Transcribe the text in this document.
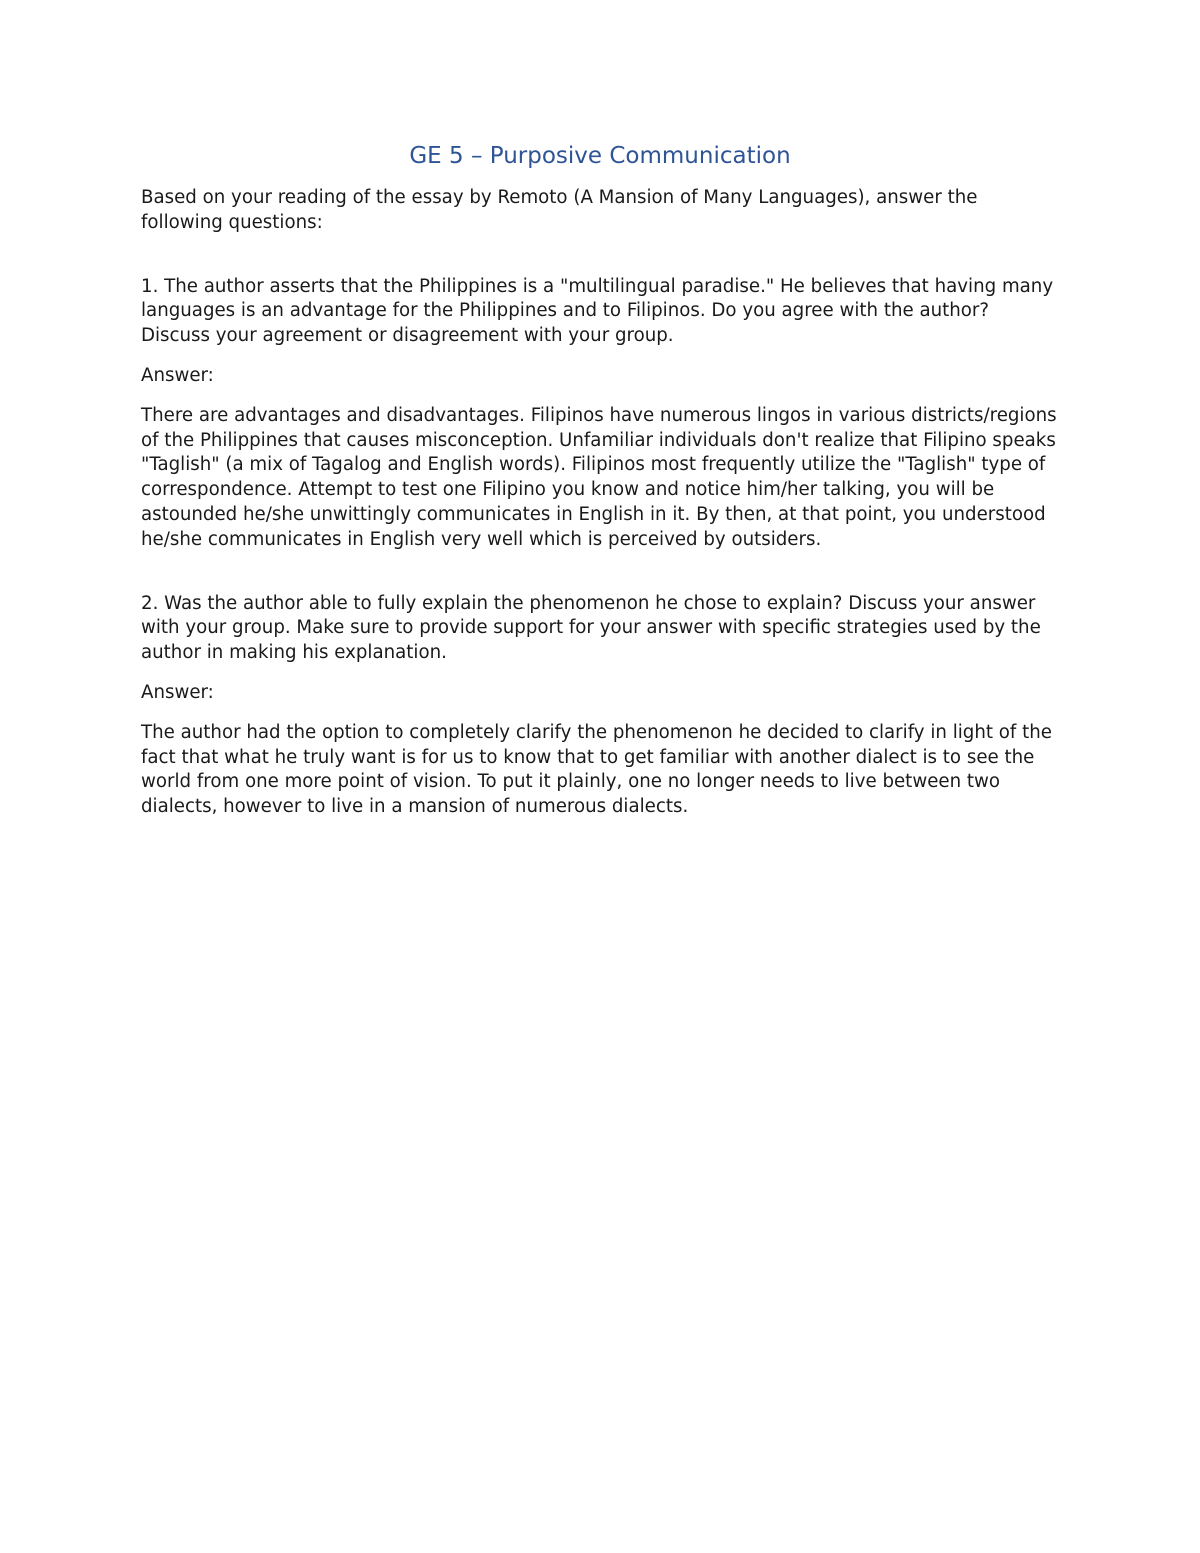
GE 5 – Purposive Communication

Based on your reading of the essay by Remoto (A Mansion of Many Languages), answer the following questions:

1. The author asserts that the Philippines is a "multilingual paradise." He believes that having many languages is an advantage for the Philippines and to Filipinos. Do you agree with the author? Discuss your agreement or disagreement with your group.

Answer:

There are advantages and disadvantages. Filipinos have numerous lingos in various districts/regions of the Philippines that causes misconception. Unfamiliar individuals don't realize that Filipino speaks "Taglish" (a mix of Tagalog and English words). Filipinos most frequently utilize the "Taglish" type of correspondence. Attempt to test one Filipino you know and notice him/her talking, you will be astounded he/she unwittingly communicates in English in it. By then, at that point, you understood he/she communicates in English very well which is perceived by outsiders.

2. Was the author able to fully explain the phenomenon he chose to explain? Discuss your answer with your group. Make sure to provide support for your answer with specific strategies used by the author in making his explanation.

Answer:

The author had the option to completely clarify the phenomenon he decided to clarify in light of the fact that what he truly want is for us to know that to get familiar with another dialect is to see the world from one more point of vision. To put it plainly, one no longer needs to live between two dialects, however to live in a mansion of numerous dialects.
